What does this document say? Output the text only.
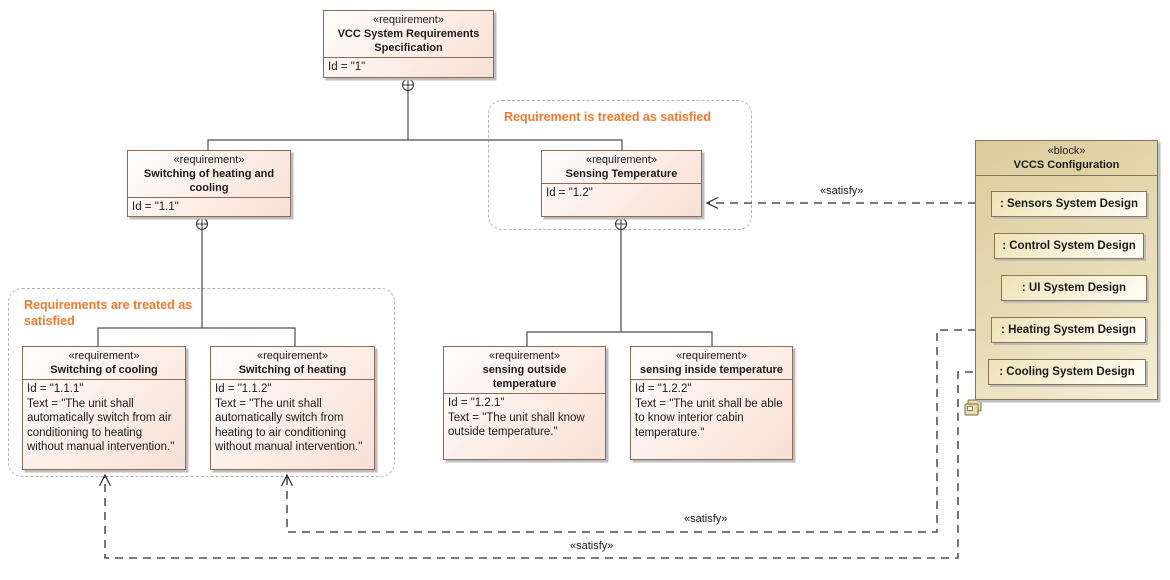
Requirement is treated as satisfied
Requirements are treated as satisfied
«requirement»
VCC System Requirements Specification
Id = "1"
«requirement»
Switching of heating and cooling
Id = "1.1"
«requirement»
Sensing Temperature
Id = "1.2"
«requirement»
Switching of cooling
Id = "1.1.1"
Text = "The unit shall automatically switch from air conditioning to heating without manual intervention."
«requirement»
Switching of heating
Id = "1.1.2"
Text = "The unit shall automatically switch from heating to air conditioning without manual intervention."
«requirement»
sensing outside temperature
Id = "1.2.1"
Text = "The unit shall know outside temperature."
«requirement»
sensing inside temperature
Id = "1.2.2"
Text = "The unit shall be able to know interior cabin temperature."
«block»
VCCS Configuration
: Sensors System Design
: Control System Design
: UI System Design
: Heating System Design
: Cooling System Design
«satisfy»
«satisfy»
«satisfy»
